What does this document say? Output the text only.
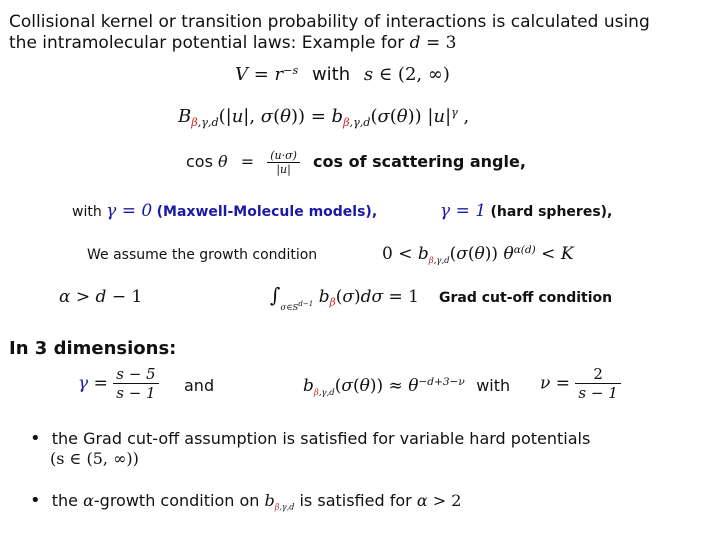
Collisional kernel or transition probability of interactions is calculated using
the intramolecular potential laws: Example for d = 3
$V = r^{-s}$ with s ∈ (2, ∞)
$B_{\beta,\gamma,d}(|u|$, $\sigma(\theta)) = b_{\beta,\gamma,d}(\sigma(\theta))$ $|u|^\gamma$ ,
$\cos \theta = \frac{(u\cdot\sigma)}{|u|}$ cos of scattering angle,
with γ = 0 (Maxwell-Molecule models),	γ = 1 (hard spheres),
We assume the growth condition	$0 < b_{\beta,\gamma,d}(\sigma(\theta)) \theta^{\alpha(d)} < K$
α > d − 1	$\int_{\sigma\in S^{d-1}}$ $b_\beta(\sigma)d\sigma = 1$ Grad cut-off condition
In 3 dimensions:
$\gamma = \frac{s - 5}{s - 1}$ and	$b_{\beta,\gamma,d}(\sigma(\theta)) \approx \theta^{-d+3-\nu}$ with $\nu = \frac{2}{s - 1}$
• the Grad cut-off assumption is satisfied for variable hard potentials
(s ∈ (5, ∞))
• the α-growth condition on $b_{\beta,\gamma,d}$ is satisfied for α > 2
